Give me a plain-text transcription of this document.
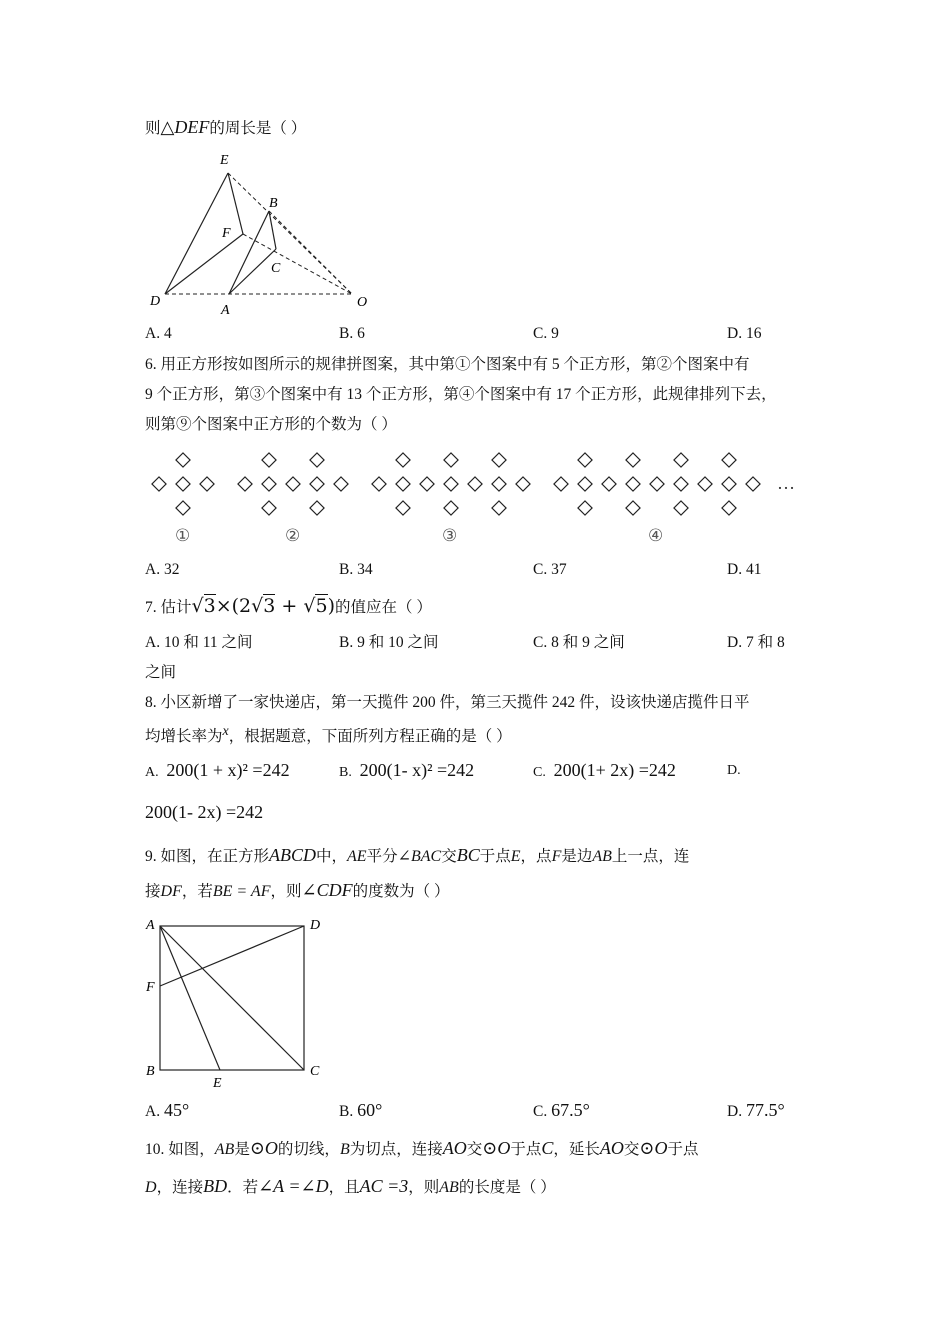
则△DEF的周长是（ ）
E
B
F
C
D
A
O
A. 4	B. 6	C. 9	D. 16
6. 用正方形按如图所示的规律拼图案，其中第①个图案中有 5 个正方形，第②个图案中有
9 个正方形，第③个图案中有 13 个正方形，第④个图案中有 17 个正方形，此规律排列下去，
则第⑨个图案中正方形的个数为（ ）
①	②	③	④
…
A. 32	B. 34	C. 37	D. 41
7. 估计√3×(2√3 + √5)的值应在（ ）
A. 10 和 11 之间	B. 9 和 10 之间	C. 8 和 9 之间	D. 7 和 8
之间
8. 小区新增了一家快递店，第一天揽件 200 件，第三天揽件 242 件，设该快递店揽件日平
均增长率为$^x$，根据题意，下面所列方程正确的是（ ）
A. 200(1 + x)² =242	B. 200(1- x)² =242	C. 200(1+ 2x) =242	D.
200(1- 2x) =242
9. 如图，在正方形ABCD中，AE平分∠BAC交BC于点E，点F是边AB上一点，连
接DF，若BE = AF，则∠CDF的度数为（ ）
A	D
F
B
E
C
A. 45°	B. 60°	C. 67.5°	D. 77.5°
10. 如图，AB是⊙O的切线，B为切点，连接AO交⊙O于点C，延长AO交⊙O于点
D，连接BD．若∠A =∠D，且AC =3，则AB的长度是（ ）
